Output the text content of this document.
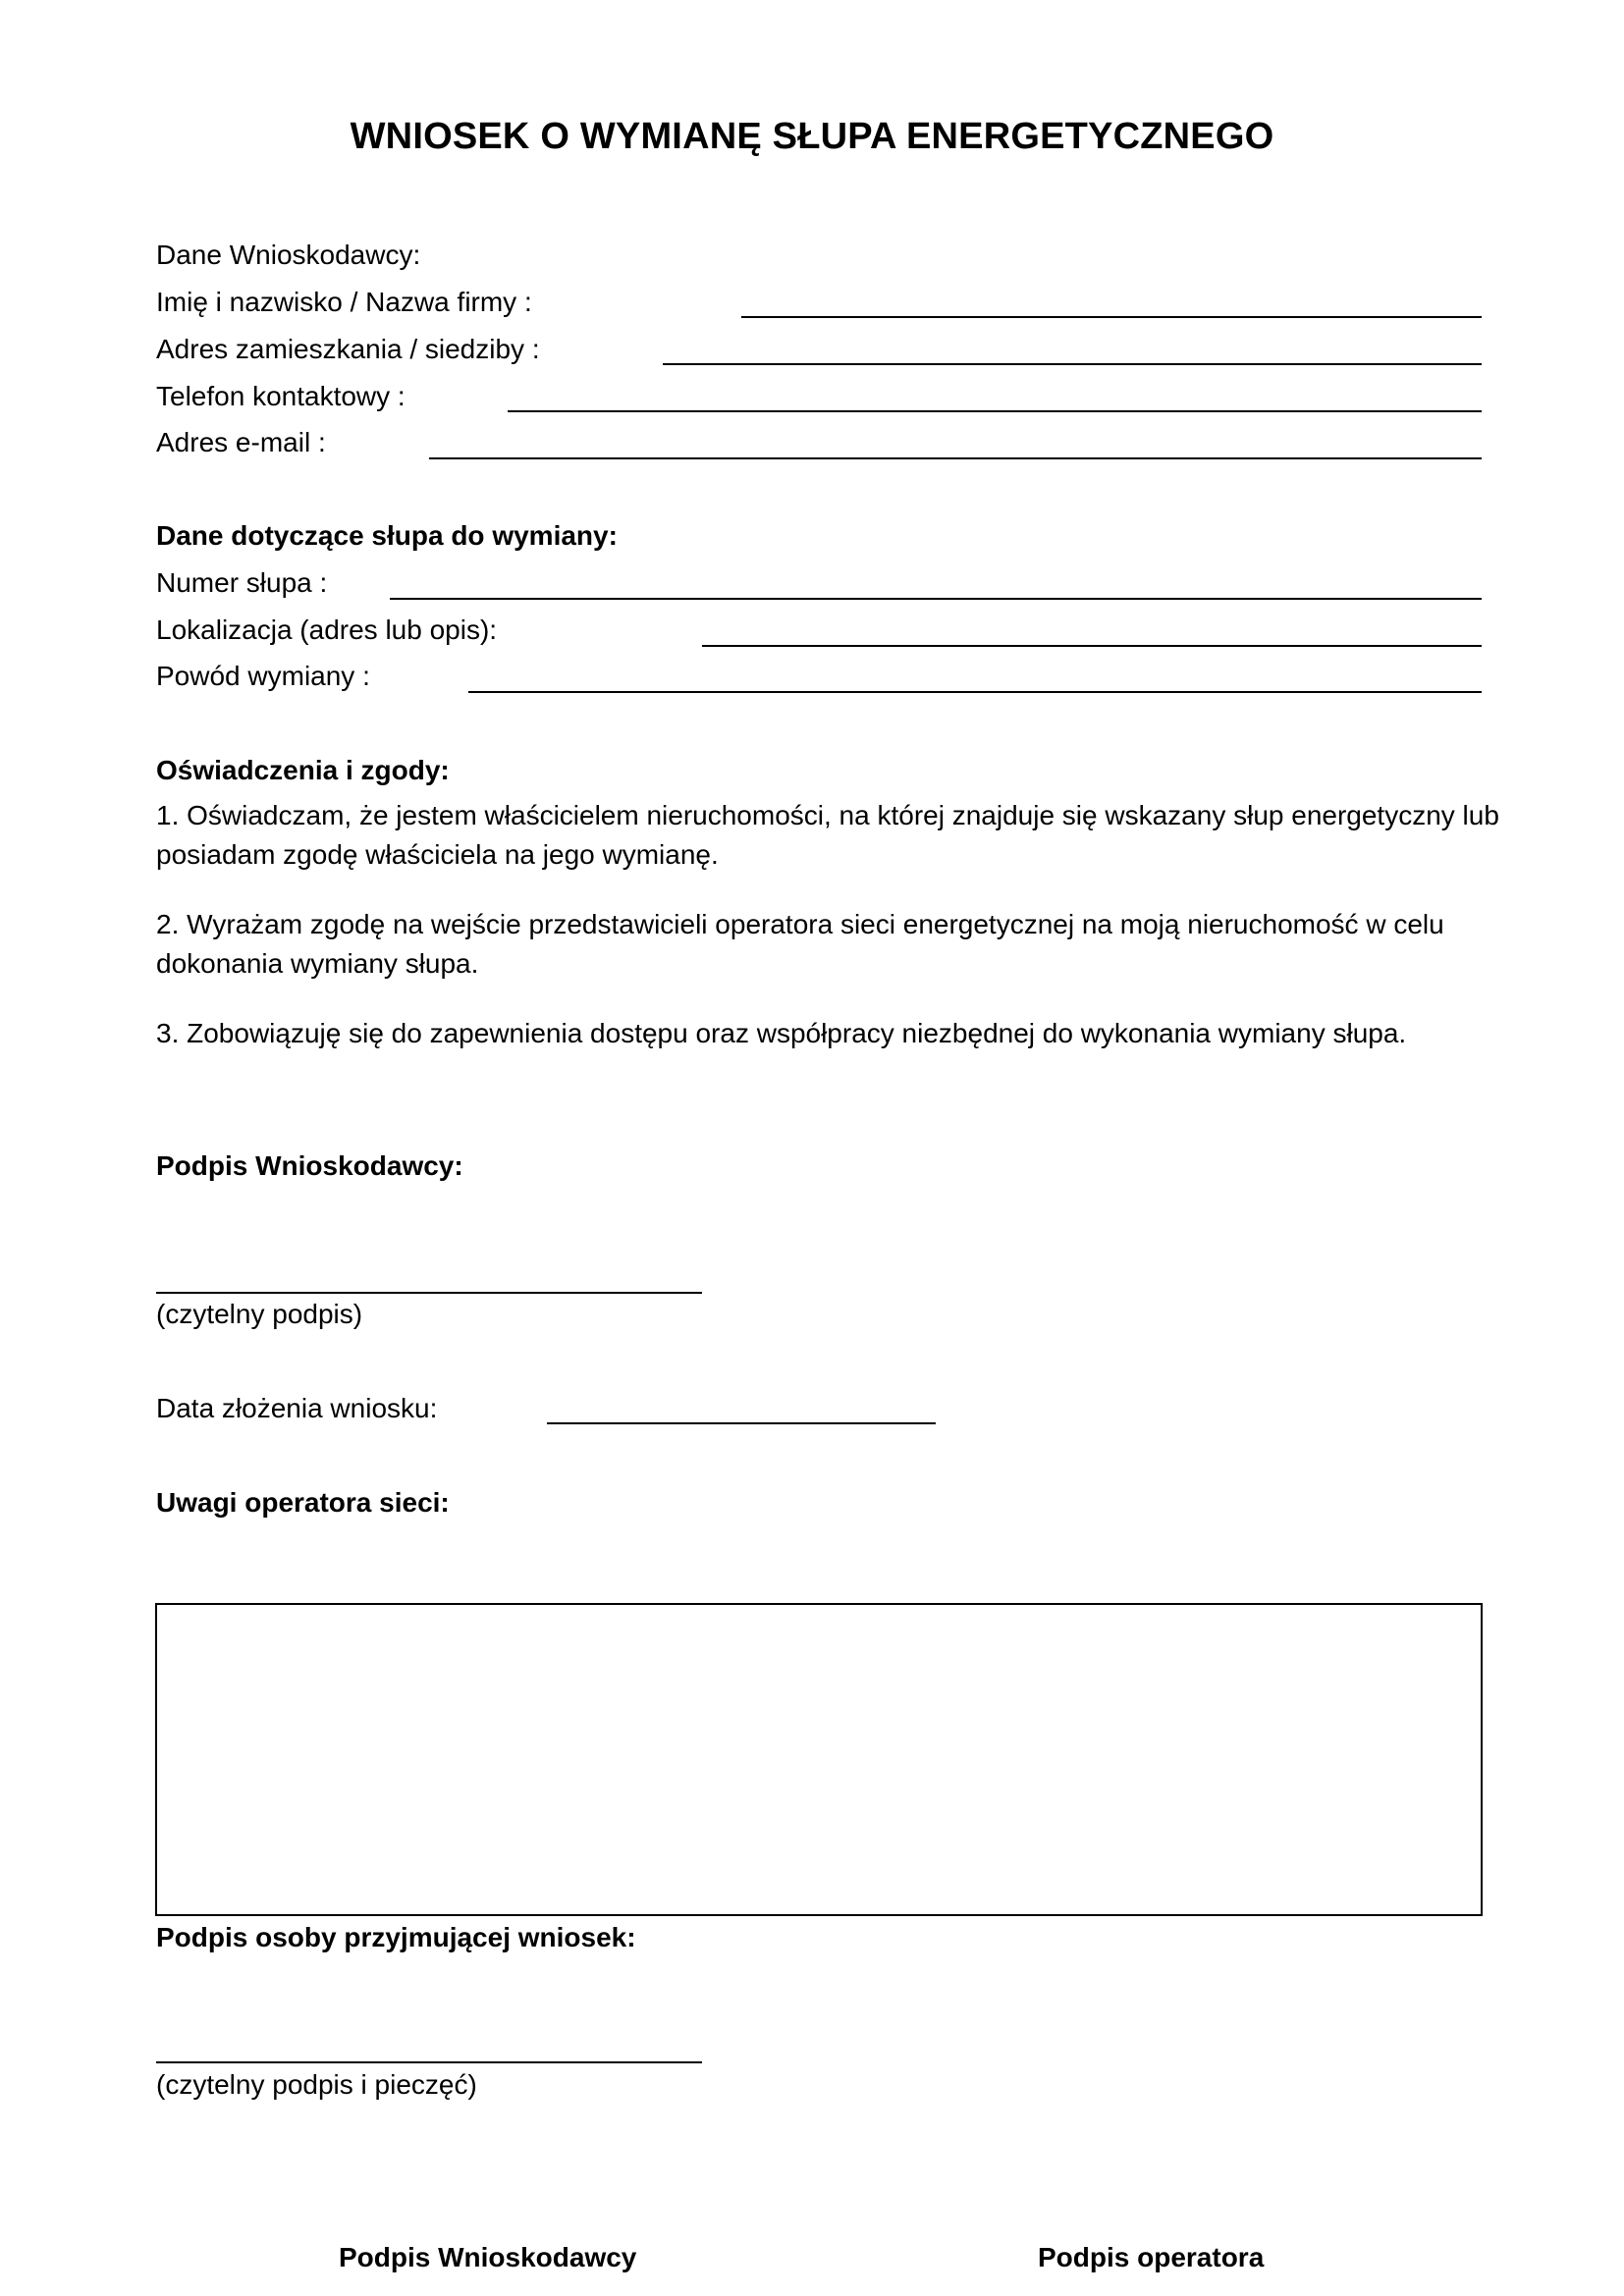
WNIOSEK O WYMIANĘ SŁUPA ENERGETYCZNEGO
Dane Wnioskodawcy:
Imię i nazwisko / Nazwa firmy :
Adres zamieszkania / siedziby :
Telefon kontaktowy :
Adres e-mail :
Dane dotyczące słupa do wymiany:
Numer słupa :
Lokalizacja (adres lub opis):
Powód wymiany :
Oświadczenia i zgody:
1. Oświadczam, że jestem właścicielem nieruchomości, na której znajduje się wskazany słup energetyczny lub posiadam zgodę właściciela na jego wymianę.
2. Wyrażam zgodę na wejście przedstawicieli operatora sieci energetycznej na moją nieruchomość w celu dokonania wymiany słupa.
3. Zobowiązuję się do zapewnienia dostępu oraz współpracy niezbędnej do wykonania wymiany słupa.
Podpis Wnioskodawcy:
(czytelny podpis)
Data złożenia wniosku:
Uwagi operatora sieci:
Podpis osoby przyjmującej wniosek:
(czytelny podpis i pieczęć)
Podpis Wnioskodawcy	Podpis operatora
